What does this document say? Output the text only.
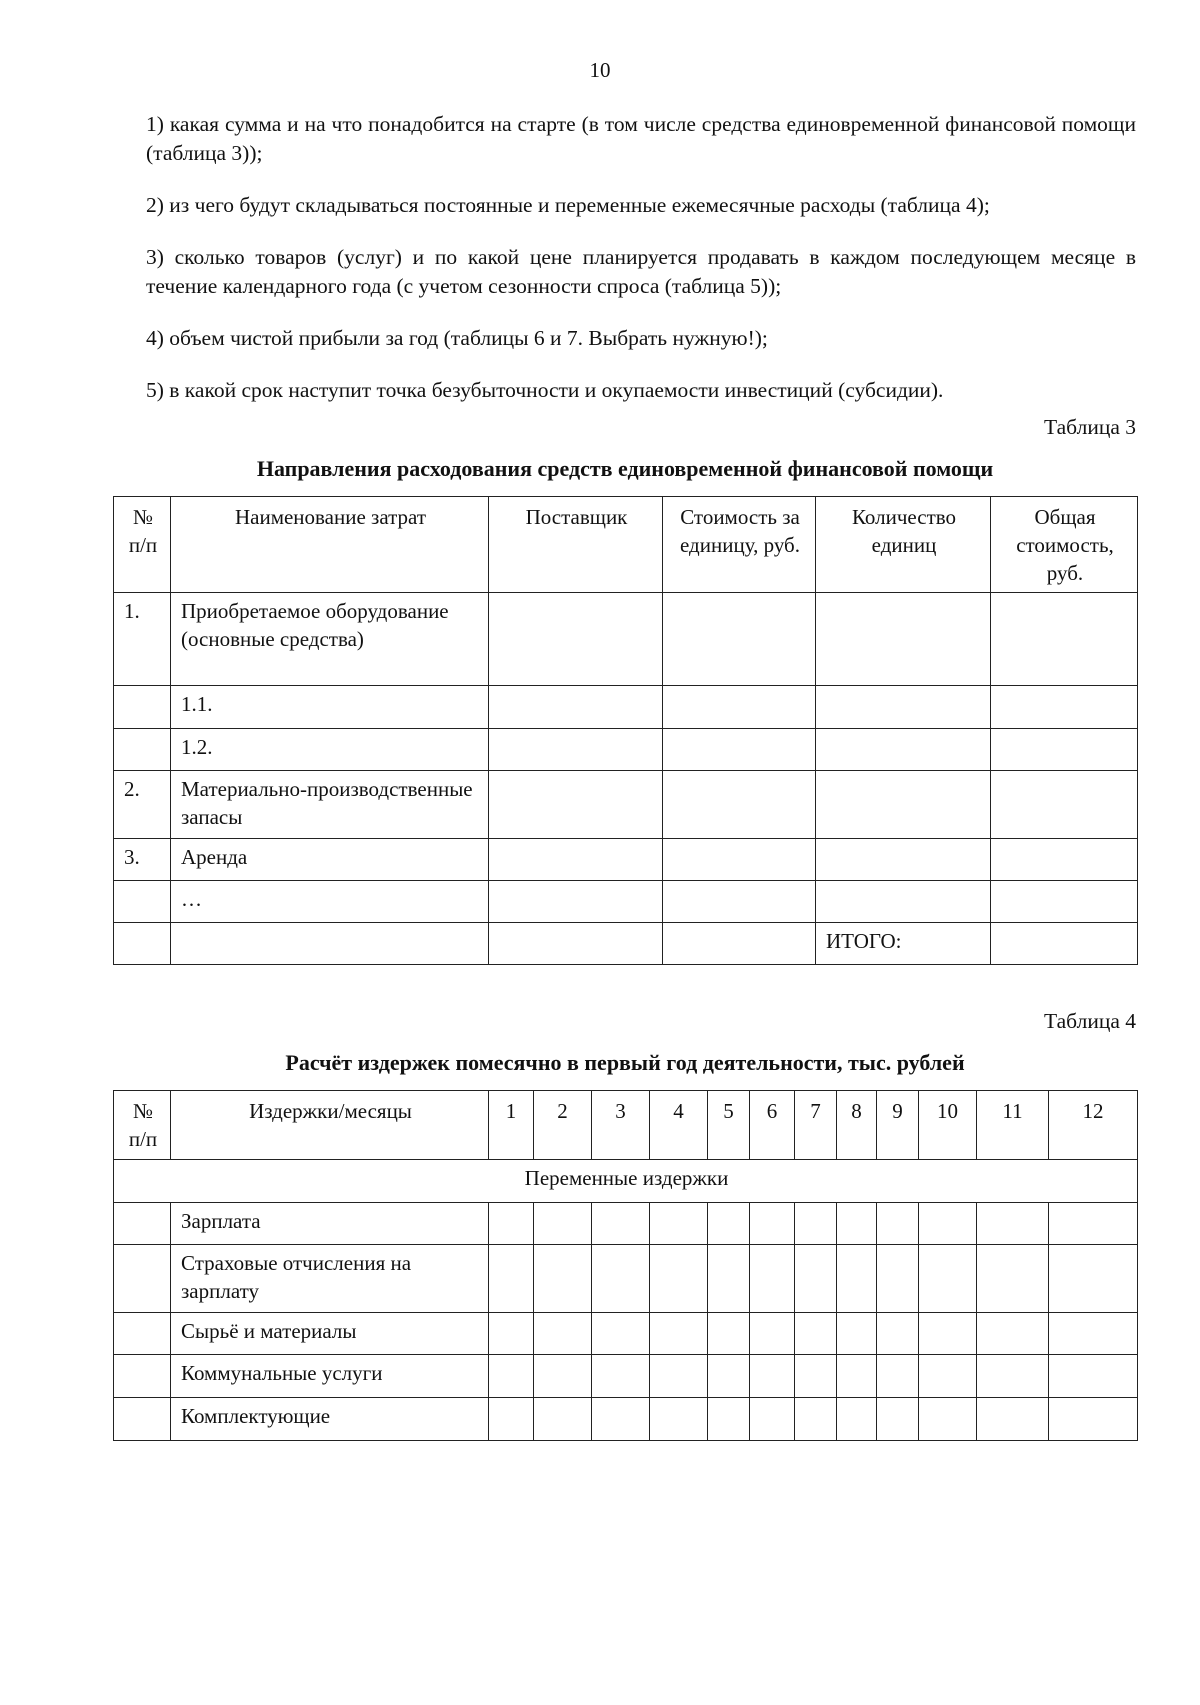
10

1) какая сумма и на что понадобится на старте (в том числе средства единовременной финансовой помощи (таблица 3));

2) из чего будут складываться постоянные и переменные ежемесячные расходы (таблица 4);

3) сколько товаров (услуг) и по какой цене планируется продавать в каждом последующем месяце в течение календарного года (с учетом сезонности спроса (таблица 5));

4) объем чистой прибыли за год (таблицы 6 и 7. Выбрать нужную!);

5) в какой срок наступит точка безубыточности и окупаемости инвестиций (субсидии).

Таблица 3
Направления расходования средств единовременной финансовой помощи
№ п/п	Наименование затрат	Поставщик	Стоимость за единицу, руб.	Количество единиц	Общая стоимость, руб.
1.	Приобретаемое оборудование (основные средства)				
	1.1.				
	1.2.				
2.	Материально-производственные запасы				
3.	Аренда				
	…				
				ИТОГО:	
Таблица 4
Расчёт издержек помесячно в первый год деятельности, тыс. рублей
№ п/п	Издержки/месяцы	1	2	3	4	5	6	7	8	9	10	11	12
Переменные издержки													
	Зарплата												
	Страховые отчисления на зарплату												
	Сырьё и материалы												
	Коммунальные услуги												
	Комплектующие												
